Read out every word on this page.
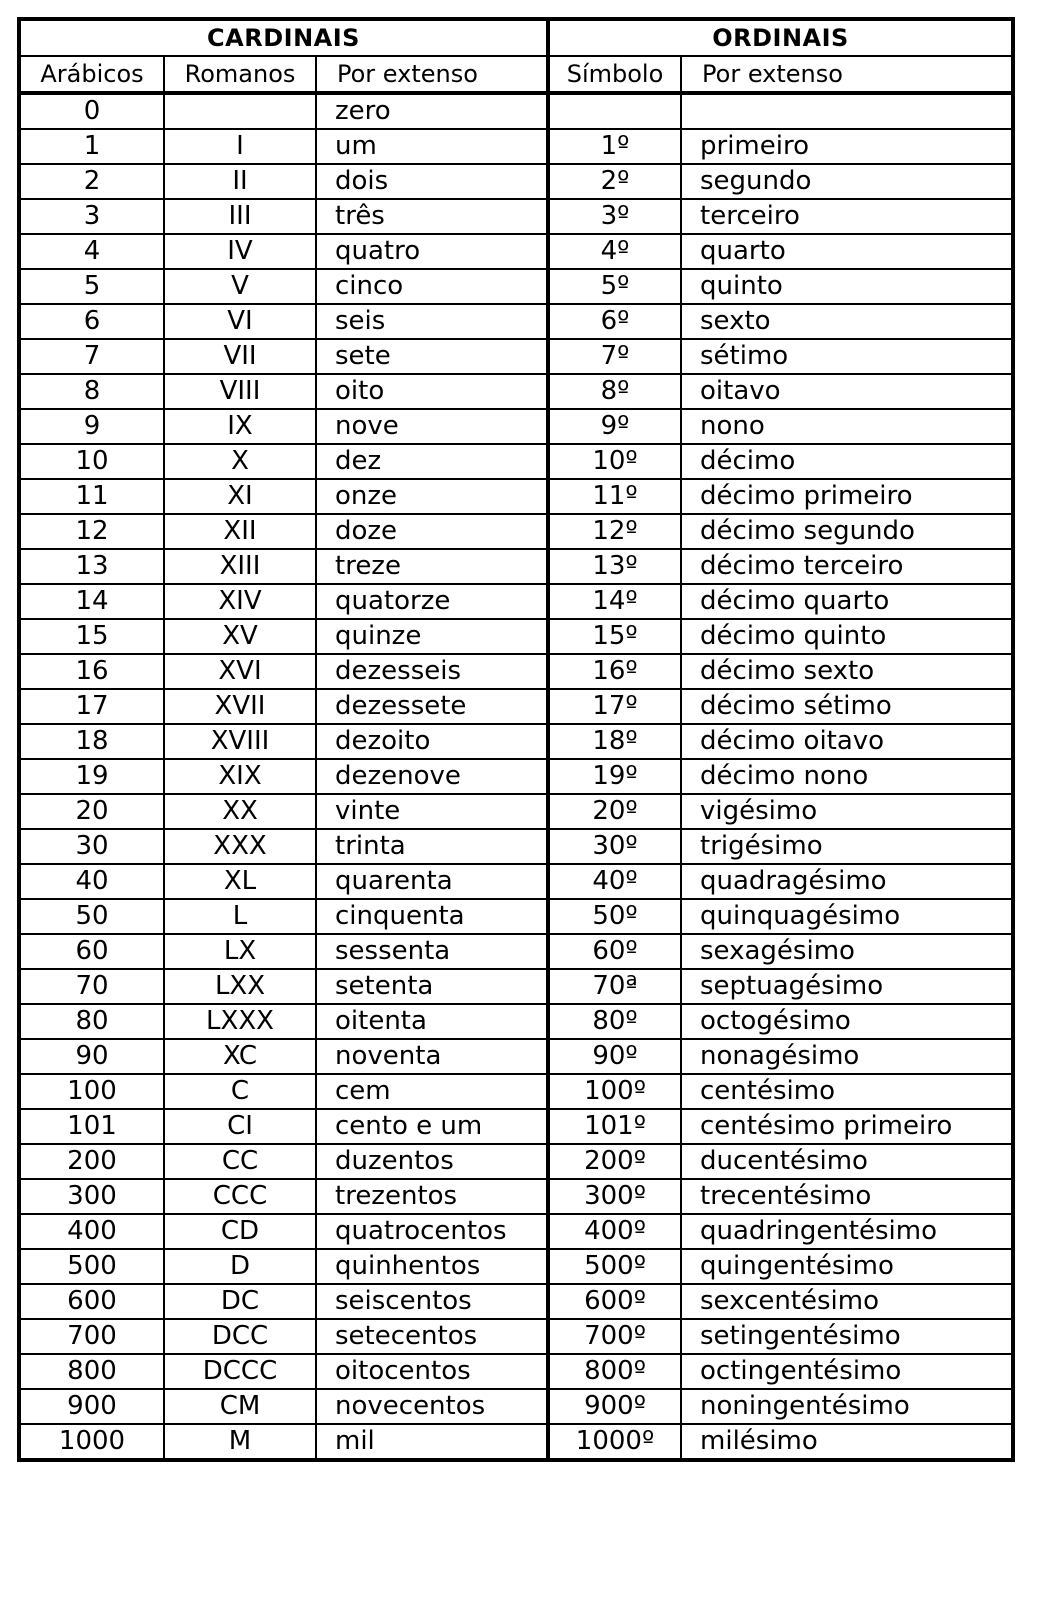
CARDINAIS			ORDINAIS	
Arábicos	Romanos	Por extenso	Símbolo	Por extenso
0		zero		
1	I	um	1º	primeiro
2	II	dois	2º	segundo
3	III	três	3º	terceiro
4	IV	quatro	4º	quarto
5	V	cinco	5º	quinto
6	VI	seis	6º	sexto
7	VII	sete	7º	sétimo
8	VIII	oito	8º	oitavo
9	IX	nove	9º	nono
10	X	dez	10º	décimo
11	XI	onze	11º	décimo primeiro
12	XII	doze	12º	décimo segundo
13	XIII	treze	13º	décimo terceiro
14	XIV	quatorze	14º	décimo quarto
15	XV	quinze	15º	décimo quinto
16	XVI	dezesseis	16º	décimo sexto
17	XVII	dezessete	17º	décimo sétimo
18	XVIII	dezoito	18º	décimo oitavo
19	XIX	dezenove	19º	décimo nono
20	XX	vinte	20º	vigésimo
30	XXX	trinta	30º	trigésimo
40	XL	quarenta	40º	quadragésimo
50	L	cinquenta	50º	quinquagésimo
60	LX	sessenta	60º	sexagésimo
70	LXX	setenta	70ª	septuagésimo
80	LXXX	oitenta	80º	octogésimo
90	XC	noventa	90º	nonagésimo
100	C	cem	100º	centésimo
101	CI	cento e um	101º	centésimo primeiro
200	CC	duzentos	200º	ducentésimo
300	CCC	trezentos	300º	trecentésimo
400	CD	quatrocentos	400º	quadringentésimo
500	D	quinhentos	500º	quingentésimo
600	DC	seiscentos	600º	sexcentésimo
700	DCC	setecentos	700º	setingentésimo
800	DCCC	oitocentos	800º	octingentésimo
900	CM	novecentos	900º	noningentésimo
1000	M	mil	1000º	milésimo
